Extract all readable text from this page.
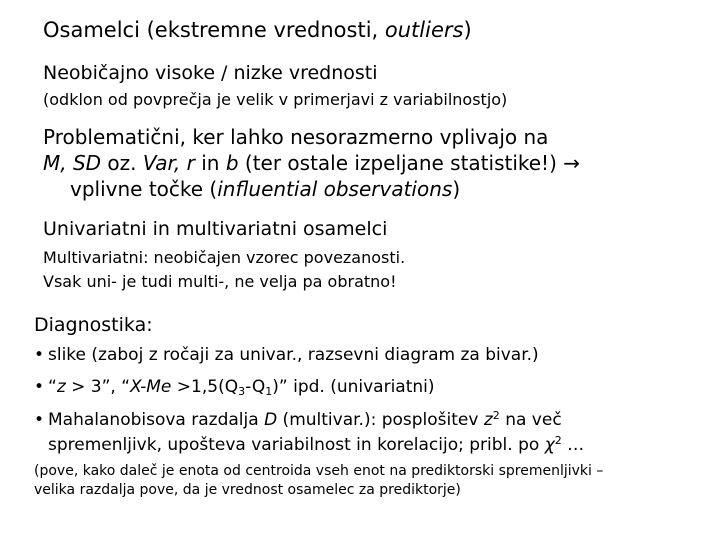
Osamelci (ekstremne vrednosti, outliers)
Neobičajno visoke / nizke vrednosti
(odklon od povprečja je velik v primerjavi z variabilnostjo)
Problematični, ker lahko nesorazmerno vplivajo na
M, SD oz. Var, r in b (ter ostale izpeljane statistike!) →
vplivne točke (influential observations)
Univariatni in multivariatni osamelci
Multivariatni: neobičajen vzorec povezanosti.
Vsak uni- je tudi multi-, ne velja pa obratno!
Diagnostika:
• slike (zaboj z ročaji za univar., razsevni diagram za bivar.)
• “z > 3”, “$X-Me >1,5(Q_3-Q_1)$” ipd. (univariatni)
• Mahalanobisova razdalja D (multivar.): posplošitev $z^2$ na več
spremenljivk, upošteva variabilnost in korelacijo; pribl. po $\chi^2$ …
(pove, kako daleč je enota od centroida vseh enot na prediktorski spremenljivki –
velika razdalja pove, da je vrednost osamelec za prediktorje)
